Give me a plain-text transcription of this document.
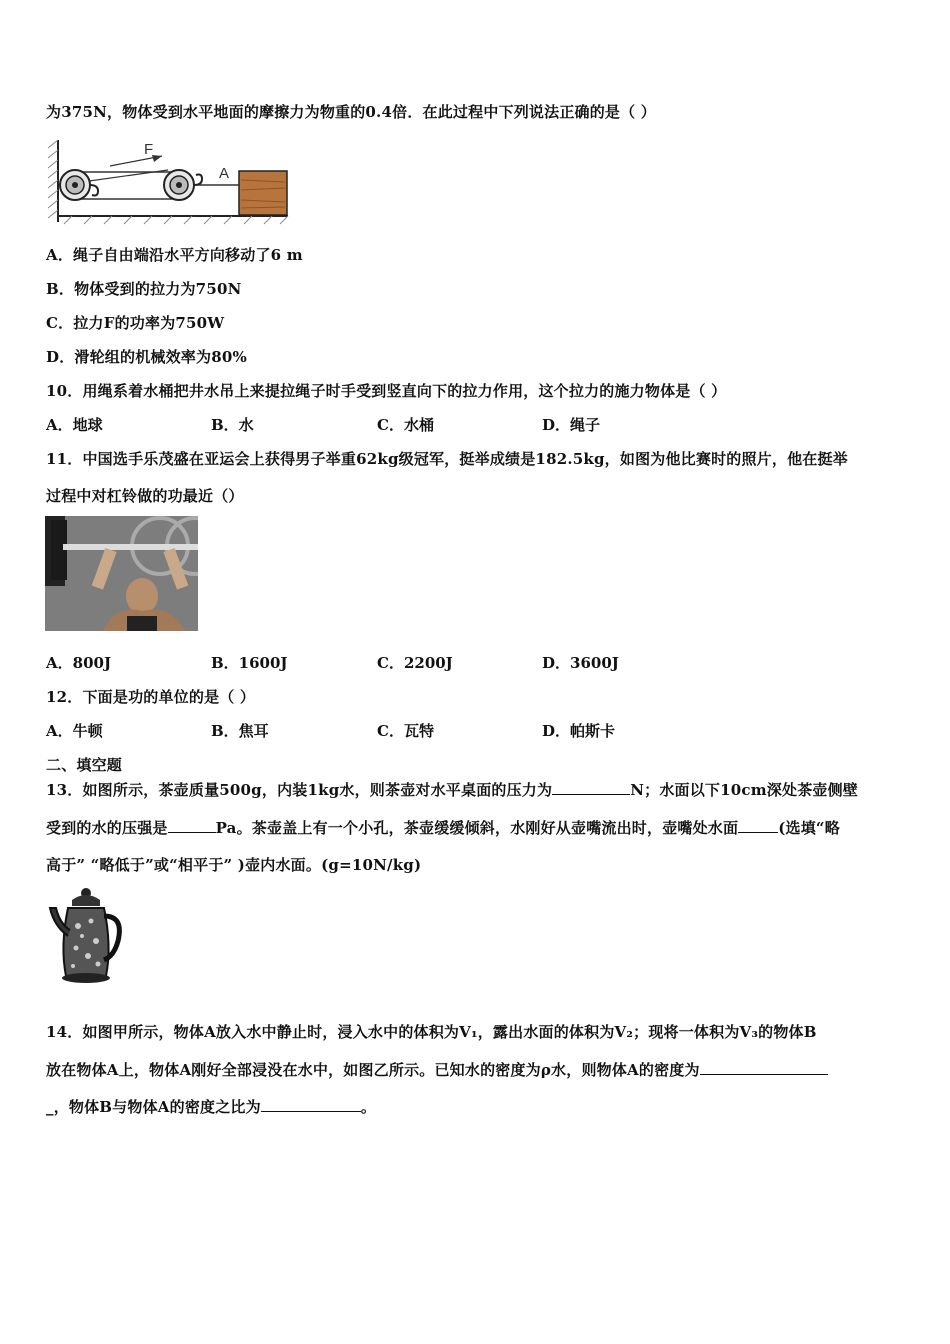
为375N，物体受到水平地面的摩擦力为物重的0.4倍．在此过程中下列说法正确的是（ ）
F
A
A．绳子自由端沿水平方向移动了6 m
B．物体受到的拉力为750N
C．拉力F的功率为750W
D．滑轮组的机械效率为80%
10．用绳系着水桶把井水吊上来提拉绳子时手受到竖直向下的拉力作用，这个拉力的施力物体是（ ）
A．地球	B．水	C．水桶	D．绳子
11．中国选手乐茂盛在亚运会上获得男子举重62kg级冠军，挺举成绩是182.5kg，如图为他比赛时的照片，他在挺举
过程中对杠铃做的功最近（）
A．800J	B．1600J	C．2200J	D．3600J
12．下面是功的单位的是（ ）
A．牛顿	B．焦耳	C．瓦特	D．帕斯卡
二、填空题
13．如图所示，茶壶质量500g，内装1kg水，则茶壶对水平桌面的压力为	N；水面以下10cm深处茶壶侧壁
受到的水的压强是	Pa。茶壶盖上有一个小孔，茶壶缓缓倾斜，水刚好从壶嘴流出时，壶嘴处水面	(选填“略
高于” “略低于”或“相平于” )壶内水面。(g=10N/kg)
14．如图甲所示，物体A放入水中静止时，浸入水中的体积为V₁，露出水面的体积为V₂；现将一体积为V₃的物体B
放在物体A上，物体A刚好全部浸没在水中，如图乙所示。已知水的密度为ρ水，则物体A的密度为
_，物体B与物体A的密度之比为	。
